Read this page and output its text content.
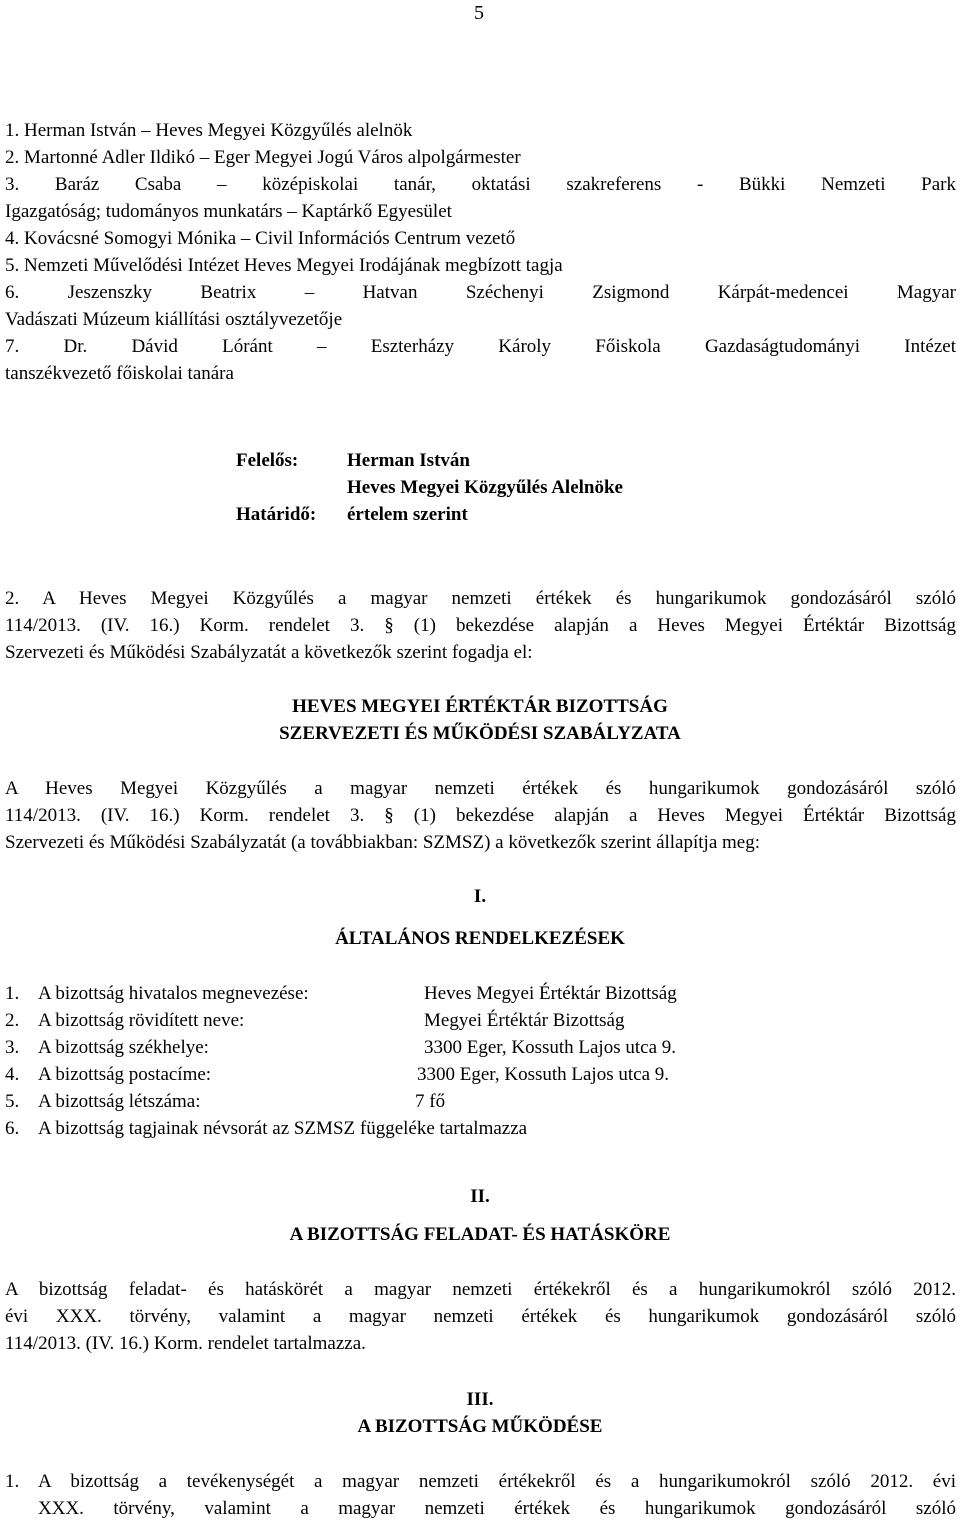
5
1. Herman István – Heves Megyei Közgyűlés alelnök
2. Martonné Adler Ildikó – Eger Megyei Jogú Város alpolgármester
3. Baráz Csaba – középiskolai tanár, oktatási szakreferens - Bükki Nemzeti Park
Igazgatóság; tudományos munkatárs – Kaptárkő Egyesület
4. Kovácsné Somogyi Mónika – Civil Információs Centrum vezető
5. Nemzeti Művelődési Intézet Heves Megyei Irodájának megbízott tagja
6. Jeszenszky Beatrix – Hatvan Széchenyi Zsigmond Kárpát-medencei Magyar
Vadászati Múzeum kiállítási osztályvezetője
7. Dr. Dávid Lóránt – Eszterházy Károly Főiskola Gazdaságtudományi Intézet
tanszékvezető főiskolai tanára
Felelős:	Herman István
Heves Megyei Közgyűlés Alelnöke
Határidő: értelem szerint
2. A Heves Megyei Közgyűlés a magyar nemzeti értékek és hungarikumok gondozásáról szóló
114/2013. (IV. 16.) Korm. rendelet 3. § (1) bekezdése alapján a Heves Megyei Értéktár Bizottság
Szervezeti és Működési Szabályzatát a következők szerint fogadja el:
HEVES MEGYEI ÉRTÉKTÁR BIZOTTSÁG
SZERVEZETI ÉS MŰKÖDÉSI SZABÁLYZATA
A Heves Megyei Közgyűlés a magyar nemzeti értékek és hungarikumok gondozásáról szóló
114/2013. (IV. 16.) Korm. rendelet 3. § (1) bekezdése alapján a Heves Megyei Értéktár Bizottság
Szervezeti és Működési Szabályzatát (a továbbiakban: SZMSZ) a következők szerint állapítja meg:
I.
ÁLTALÁNOS RENDELKEZÉSEK
1. A bizottság hivatalos megnevezése:	Heves Megyei Értéktár Bizottság
2. A bizottság rövidített neve:	Megyei Értéktár Bizottság
3. A bizottság székhelye:	3300 Eger, Kossuth Lajos utca 9.
4. A bizottság postacíme:	3300 Eger, Kossuth Lajos utca 9.
5. A bizottság létszáma:	7 fő
6. A bizottság tagjainak névsorát az SZMSZ függeléke tartalmazza
II.
A BIZOTTSÁG FELADAT- ÉS HATÁSKÖRE
A bizottság feladat- és hatáskörét a magyar nemzeti értékekről és a hungarikumokról szóló 2012.
évi XXX. törvény, valamint a magyar nemzeti értékek és hungarikumok gondozásáról szóló
114/2013. (IV. 16.) Korm. rendelet tartalmazza.
III.
A BIZOTTSÁG MŰKÖDÉSE
1. A bizottság a tevékenységét a magyar nemzeti értékekről és a hungarikumokról szóló 2012. évi
XXX. törvény, valamint a magyar nemzeti értékek és hungarikumok gondozásáról szóló
